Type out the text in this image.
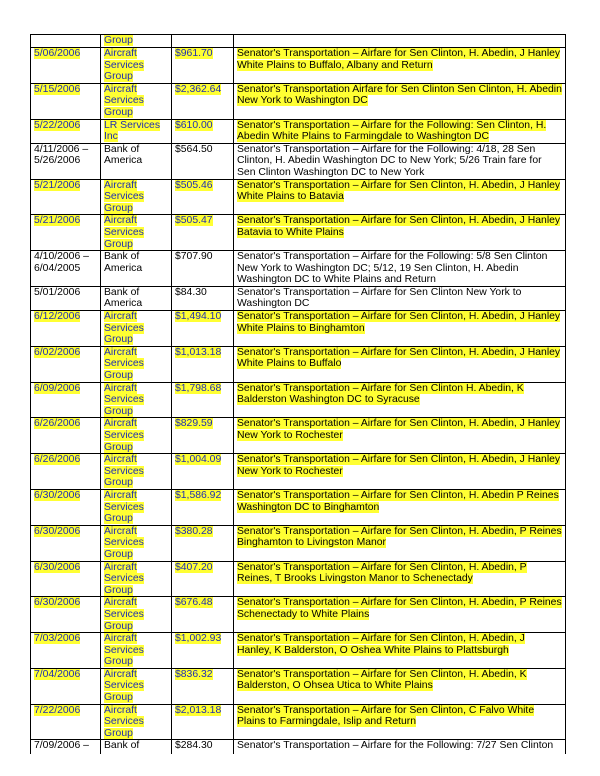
	Group		
5/06/2006	Aircraft Services Group	$961.70	Senator's Transportation – Airfare for Sen Clinton, H. Abedin, J Hanley White Plains to Buffalo, Albany and Return
5/15/2006	Aircraft Services Group	$2,362.64	Senator's Transportation Airfare for Sen Clinton Sen Clinton, H. Abedin New York to Washington DC
5/22/2006	LR Services Inc	$610.00	Senator's Transportation – Airfare for the Following: Sen Clinton, H. Abedin White Plains to Farmingdale to Washington DC
4/11/2006 – 5/26/2006	Bank of America	$564.50	Senator's Transportation – Airfare for the Following: 4/18, 28 Sen Clinton, H. Abedin Washington DC to New York; 5/26 Train fare for Sen Clinton Washington DC to New York
5/21/2006	Aircraft Services Group	$505.46	Senator's Transportation – Airfare for Sen Clinton, H. Abedin, J Hanley White Plains to Batavia
5/21/2006	Aircraft Services Group	$505.47	Senator's Transportation – Airfare for Sen Clinton, H. Abedin, J Hanley Batavia to White Plains
4/10/2006 – 6/04/2005	Bank of America	$707.90	Senator's Transportation – Airfare for the Following: 5/8 Sen Clinton New York to Washington DC; 5/12, 19 Sen Clinton, H. Abedin Washington DC to White Plains and Return
5/01/2006	Bank of America	$84.30	Senator's Transportation – Airfare for Sen Clinton New York to Washington DC
6/12/2006	Aircraft Services Group	$1,494.10	Senator's Transportation – Airfare for Sen Clinton, H. Abedin, J Hanley White Plains to Binghamton
6/02/2006	Aircraft Services Group	$1,013.18	Senator's Transportation – Airfare for Sen Clinton, H. Abedin, J Hanley White Plains to Buffalo
6/09/2006	Aircraft Services Group	$1,798.68	Senator's Transportation – Airfare for Sen Clinton H. Abedin, K Balderston Washington DC to Syracuse
6/26/2006	Aircraft Services Group	$829.59	Senator's Transportation – Airfare for Sen Clinton, H. Abedin, J Hanley New York to Rochester
6/26/2006	Aircraft Services Group	$1,004.09	Senator's Transportation – Airfare for Sen Clinton, H. Abedin, J Hanley New York to Rochester
6/30/2006	Aircraft Services Group	$1,586.92	Senator's Transportation – Airfare for Sen Clinton, H. Abedin P Reines Washington DC to Binghamton
6/30/2006	Aircraft Services Group	$380.28	Senator's Transportation – Airfare for Sen Clinton, H. Abedin, P Reines Binghamton to Livingston Manor
6/30/2006	Aircraft Services Group	$407.20	Senator's Transportation – Airfare for Sen Clinton, H. Abedin, P Reines, T Brooks Livingston Manor to Schenectady
6/30/2006	Aircraft Services Group	$676.48	Senator's Transportation – Airfare for Sen Clinton, H. Abedin, P Reines Schenectady to White Plains
7/03/2006	Aircraft Services Group	$1,002.93	Senator's Transportation – Airfare for Sen Clinton, H. Abedin, J Hanley, K Balderston, O Oshea White Plains to Plattsburgh
7/04/2006	Aircraft Services Group	$836.32	Senator's Transportation – Airfare for Sen Clinton, H. Abedin, K Balderston, O Ohsea Utica to White Plains
7/22/2006	Aircraft Services Group	$2,013.18	Senator's Transportation – Airfare for Sen Clinton, C Falvo White Plains to Farmingdale, Islip and Return
7/09/2006 –	Bank of	$284.30	Senator's Transportation – Airfare for the Following: 7/27 Sen Clinton
